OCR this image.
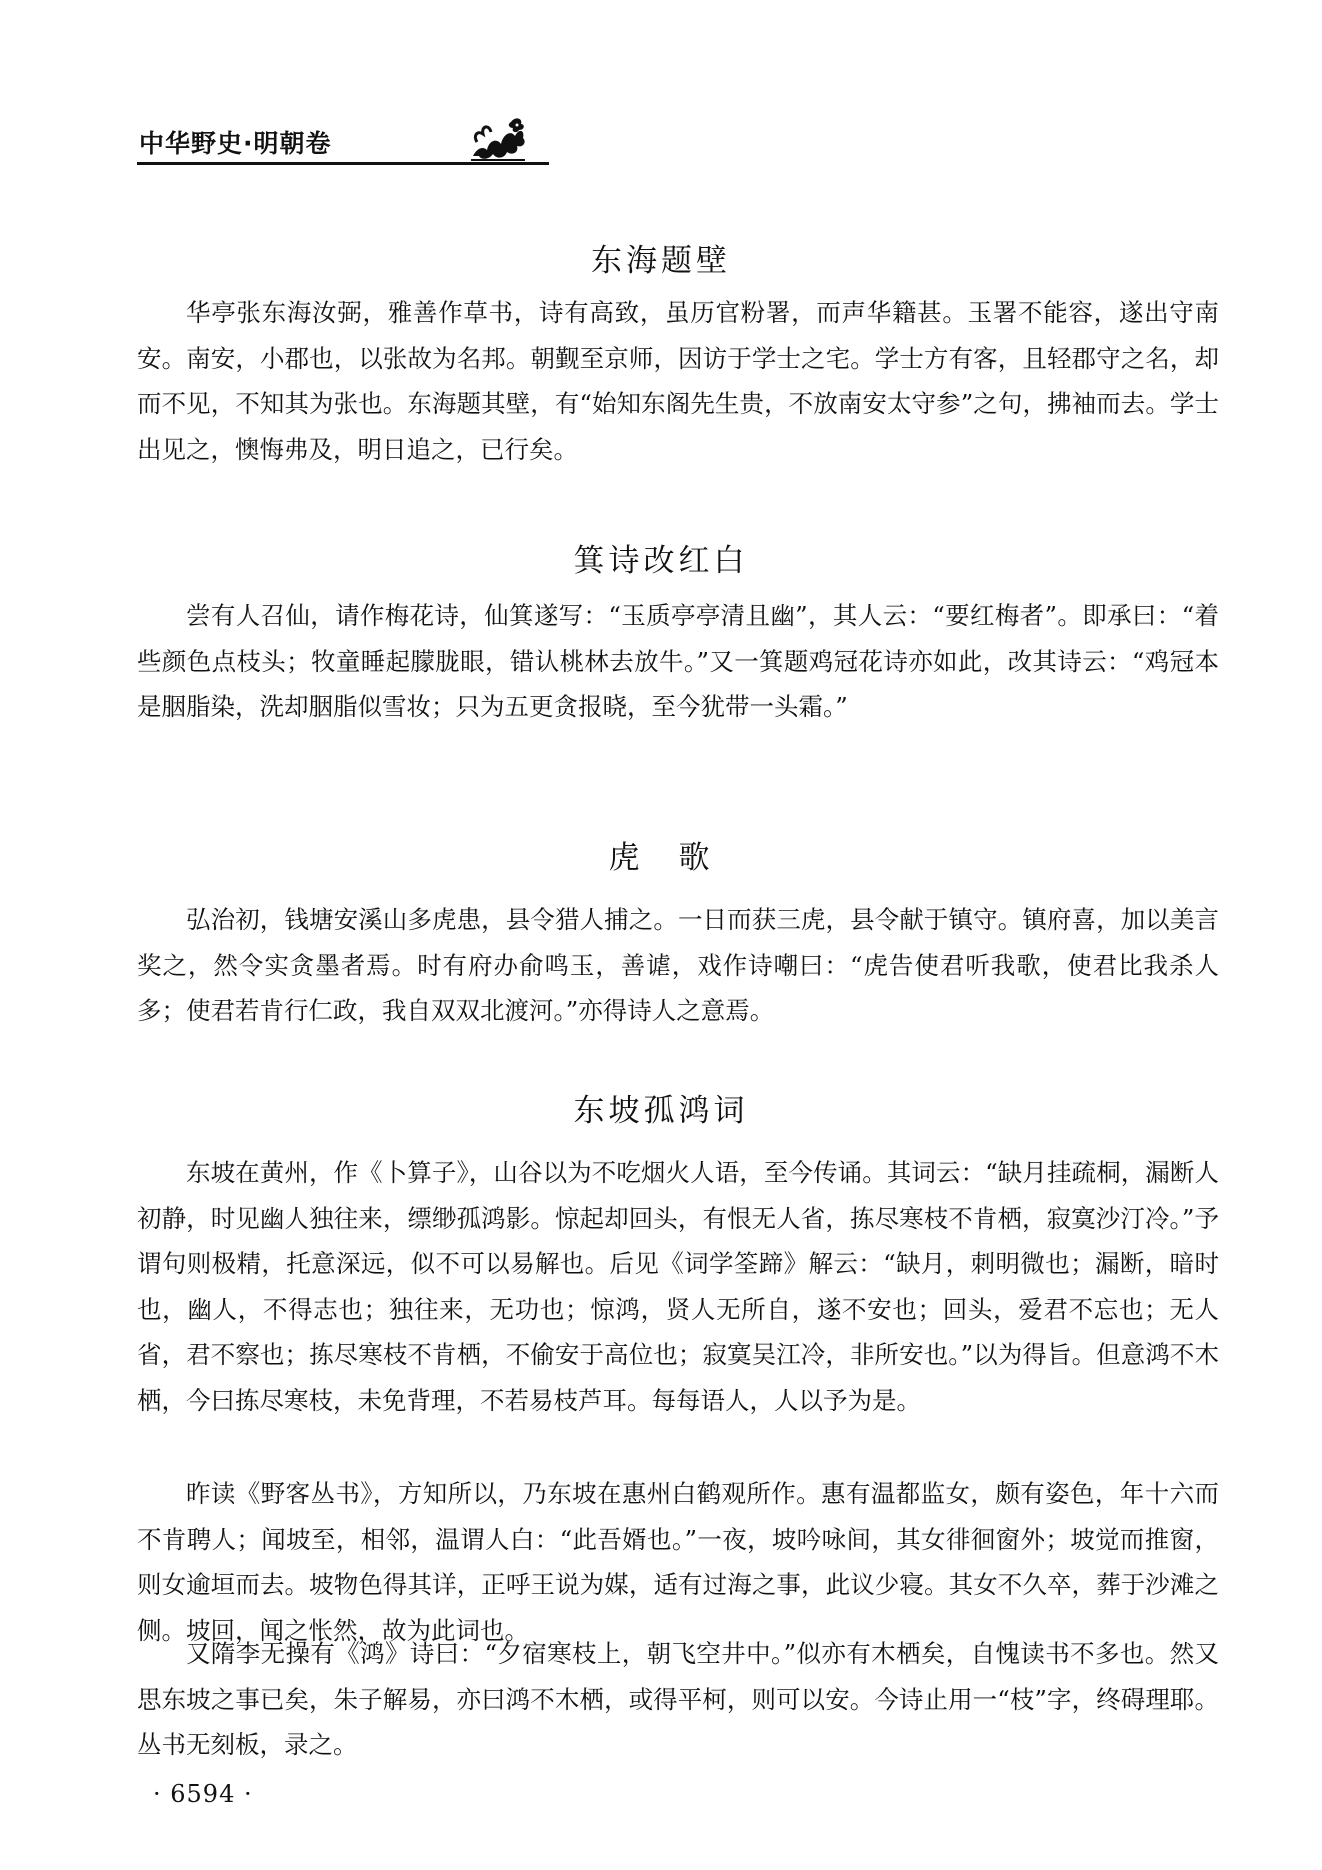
中华野史·明朝卷
东海题壁

华亭张东海汝弼，雅善作草书，诗有高致，虽历官粉署，而声华籍甚。玉署不能容，遂出守南安。南安，小郡也，以张故为名邦。朝觐至京师，因访于学士之宅。学士方有客，且轻郡守之名，却而不见，不知其为张也。东海题其壁，有“始知东阁先生贵，不放南安太守参”之句，拂袖而去。学士出见之，懊悔弗及，明日追之，已行矣。

箕诗改红白

尝有人召仙，请作梅花诗，仙箕遂写：“玉质亭亭清且幽”，其人云：“要红梅者”。即承曰：“着些颜色点枝头；牧童睡起朦胧眼，错认桃林去放牛。”又一箕题鸡冠花诗亦如此，改其诗云：“鸡冠本是胭脂染，洗却胭脂似雪妆；只为五更贪报晓，至今犹带一头霜。”

虎　歌

弘治初，钱塘安溪山多虎患，县令猎人捕之。一日而获三虎，县令献于镇守。镇府喜，加以美言奖之，然令实贪墨者焉。时有府办俞鸣玉，善谑，戏作诗嘲曰：“虎告使君听我歌，使君比我杀人多；使君若肯行仁政，我自双双北渡河。”亦得诗人之意焉。

东坡孤鸿词

东坡在黄州，作《卜算子》，山谷以为不吃烟火人语，至今传诵。其词云：“缺月挂疏桐，漏断人初静，时见幽人独往来，缥缈孤鸿影。惊起却回头，有恨无人省，拣尽寒枝不肯栖，寂寞沙汀冷。”予谓句则极精，托意深远，似不可以易解也。后见《词学筌蹄》解云：“缺月，刺明微也；漏断，暗时也，幽人，不得志也；独往来，无功也；惊鸿，贤人无所自，遂不安也；回头，爱君不忘也；无人省，君不察也；拣尽寒枝不肯栖，不偷安于高位也；寂寞吴江冷，非所安也。”以为得旨。但意鸿不木栖，今曰拣尽寒枝，未免背理，不若易枝芦耳。每每语人，人以予为是。

昨读《野客丛书》，方知所以，乃东坡在惠州白鹤观所作。惠有温都监女，颇有姿色，年十六而不肯聘人；闻坡至，相邻，温谓人白：“此吾婿也。”一夜，坡吟咏间，其女徘徊窗外；坡觉而推窗，则女逾垣而去。坡物色得其详，正呼王说为媒，适有过海之事，此议少寝。其女不久卒，葬于沙滩之侧。坡回，闻之怅然，故为此词也。

又隋李无操有《鸿》诗曰：“夕宿寒枝上，朝飞空井中。”似亦有木栖矣，自愧读书不多也。然又思东坡之事已矣，朱子解易，亦曰鸿不木栖，或得平柯，则可以安。今诗止用一“枝”字，终碍理耶。丛书无刻板，录之。

· 6594 ·
